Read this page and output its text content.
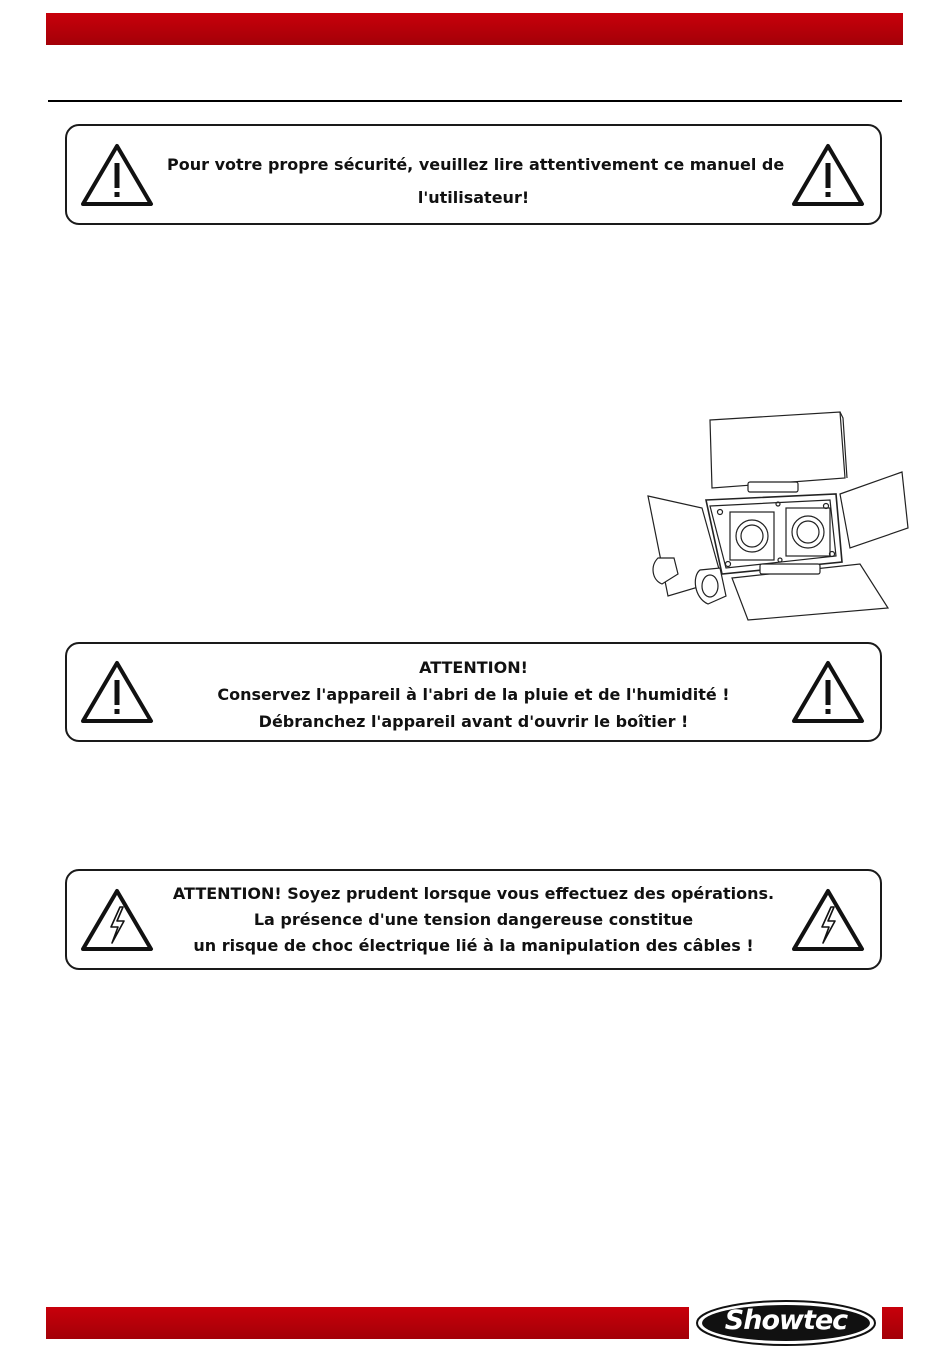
Pour votre propre sécurité, veuillez lire attentivement ce manuel de
l'utilisateur!
ATTENTION!
Conservez l'appareil à l'abri de la pluie et de l'humidité !
Débranchez l'appareil avant d'ouvrir le boîtier !
ATTENTION! Soyez prudent lorsque vous effectuez des opérations.
La présence d'une tension dangereuse constitue
un risque de choc électrique lié à la manipulation des câbles !
Showtec
